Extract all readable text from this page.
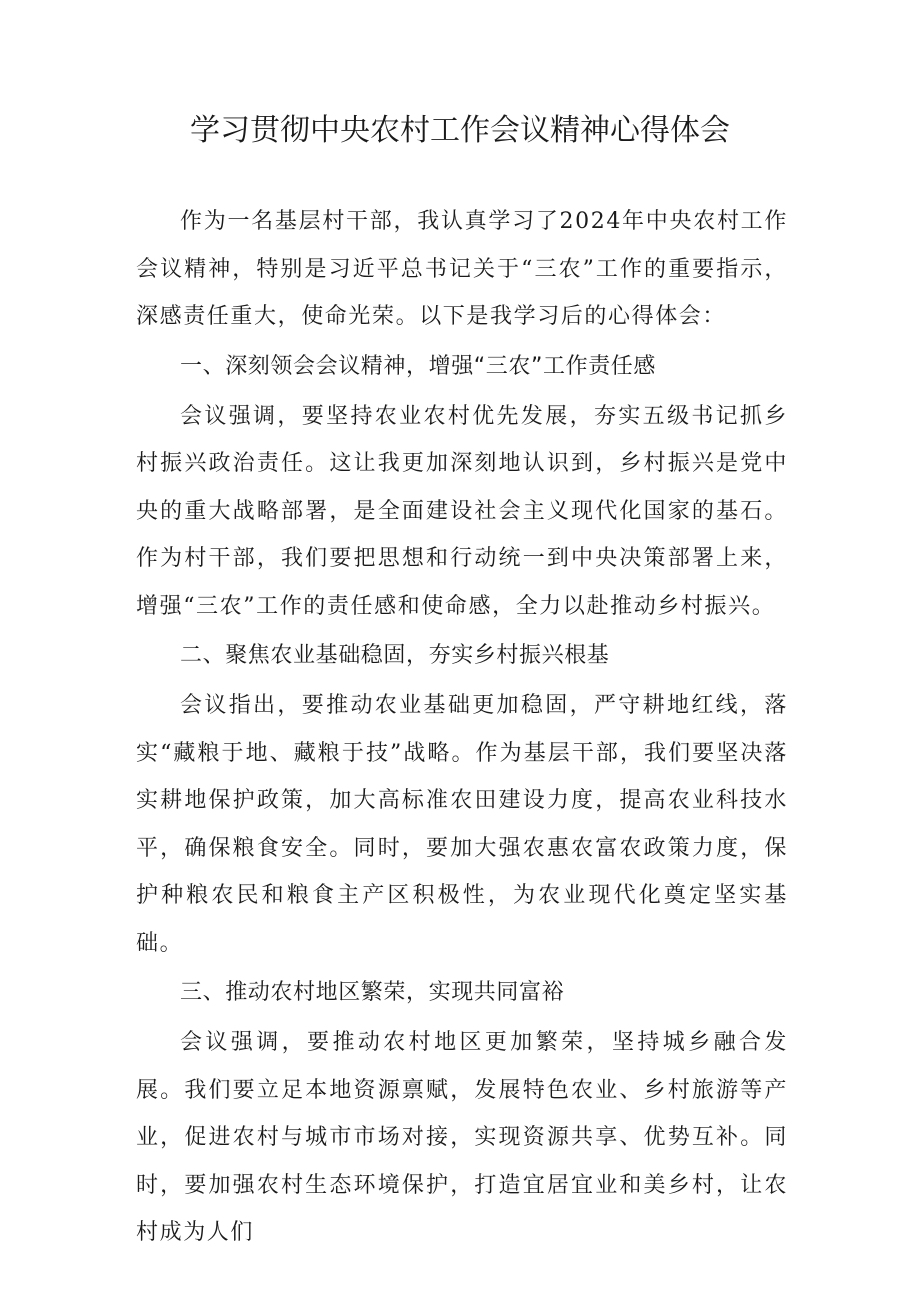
学习贯彻中央农村工作会议精神心得体会

作为一名基层村干部，我认真学习了2024年中央农村工作会议精神，特别是习近平总书记关于“三农”工作的重要指示，深感责任重大，使命光荣。以下是我学习后的心得体会：

一、深刻领会会议精神，增强“三农”工作责任感

会议强调，要坚持农业农村优先发展，夯实五级书记抓乡村振兴政治责任。这让我更加深刻地认识到，乡村振兴是党中央的重大战略部署，是全面建设社会主义现代化国家的基石。作为村干部，我们要把思想和行动统一到中央决策部署上来，增强“三农”工作的责任感和使命感，全力以赴推动乡村振兴。

二、聚焦农业基础稳固，夯实乡村振兴根基

会议指出，要推动农业基础更加稳固，严守耕地红线，落实“藏粮于地、藏粮于技”战略。作为基层干部，我们要坚决落实耕地保护政策，加大高标准农田建设力度，提高农业科技水平，确保粮食安全。同时，要加大强农惠农富农政策力度，保护种粮农民和粮食主产区积极性，为农业现代化奠定坚实基础。

三、推动农村地区繁荣，实现共同富裕

会议强调，要推动农村地区更加繁荣，坚持城乡融合发展。我们要立足本地资源禀赋，发展特色农业、乡村旅游等产业，促进农村与城市市场对接，实现资源共享、优势互补。同时，要加强农村生态环境保护，打造宜居宜业和美乡村，让农村成为人们
